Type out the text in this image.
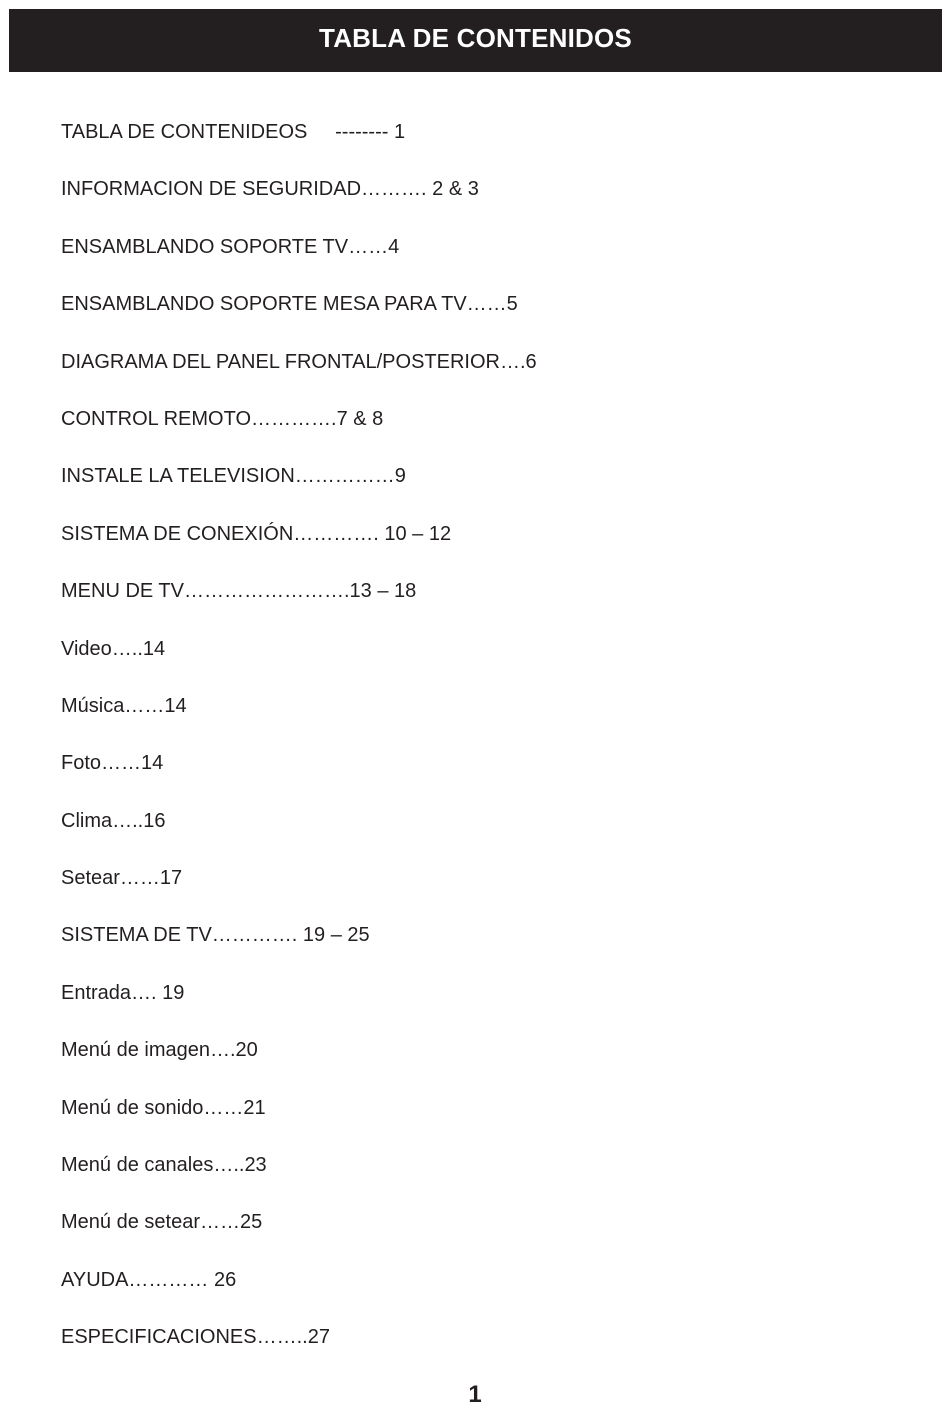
TABLA DE CONTENIDOS
TABLA DE CONTENIDEOS     -------- 1
INFORMACION DE SEGURIDAD………. 2 & 3
ENSAMBLANDO SOPORTE TV……4
ENSAMBLANDO SOPORTE MESA PARA TV……5
DIAGRAMA DEL PANEL FRONTAL/POSTERIOR….6
CONTROL REMOTO………….7 & 8
INSTALE LA TELEVISION……………9
SISTEMA DE CONEXIÓN…………. 10 – 12
MENU DE TV…………………….13 – 18
Video…..14
Música……14
Foto……14
Clima…..16
Setear……17
SISTEMA DE TV…………. 19 – 25
Entrada…. 19
Menú de imagen….20
Menú de sonido……21
Menú de canales…..23
Menú de setear……25
AYUDA………… 26
ESPECIFICACIONES……..27
1
